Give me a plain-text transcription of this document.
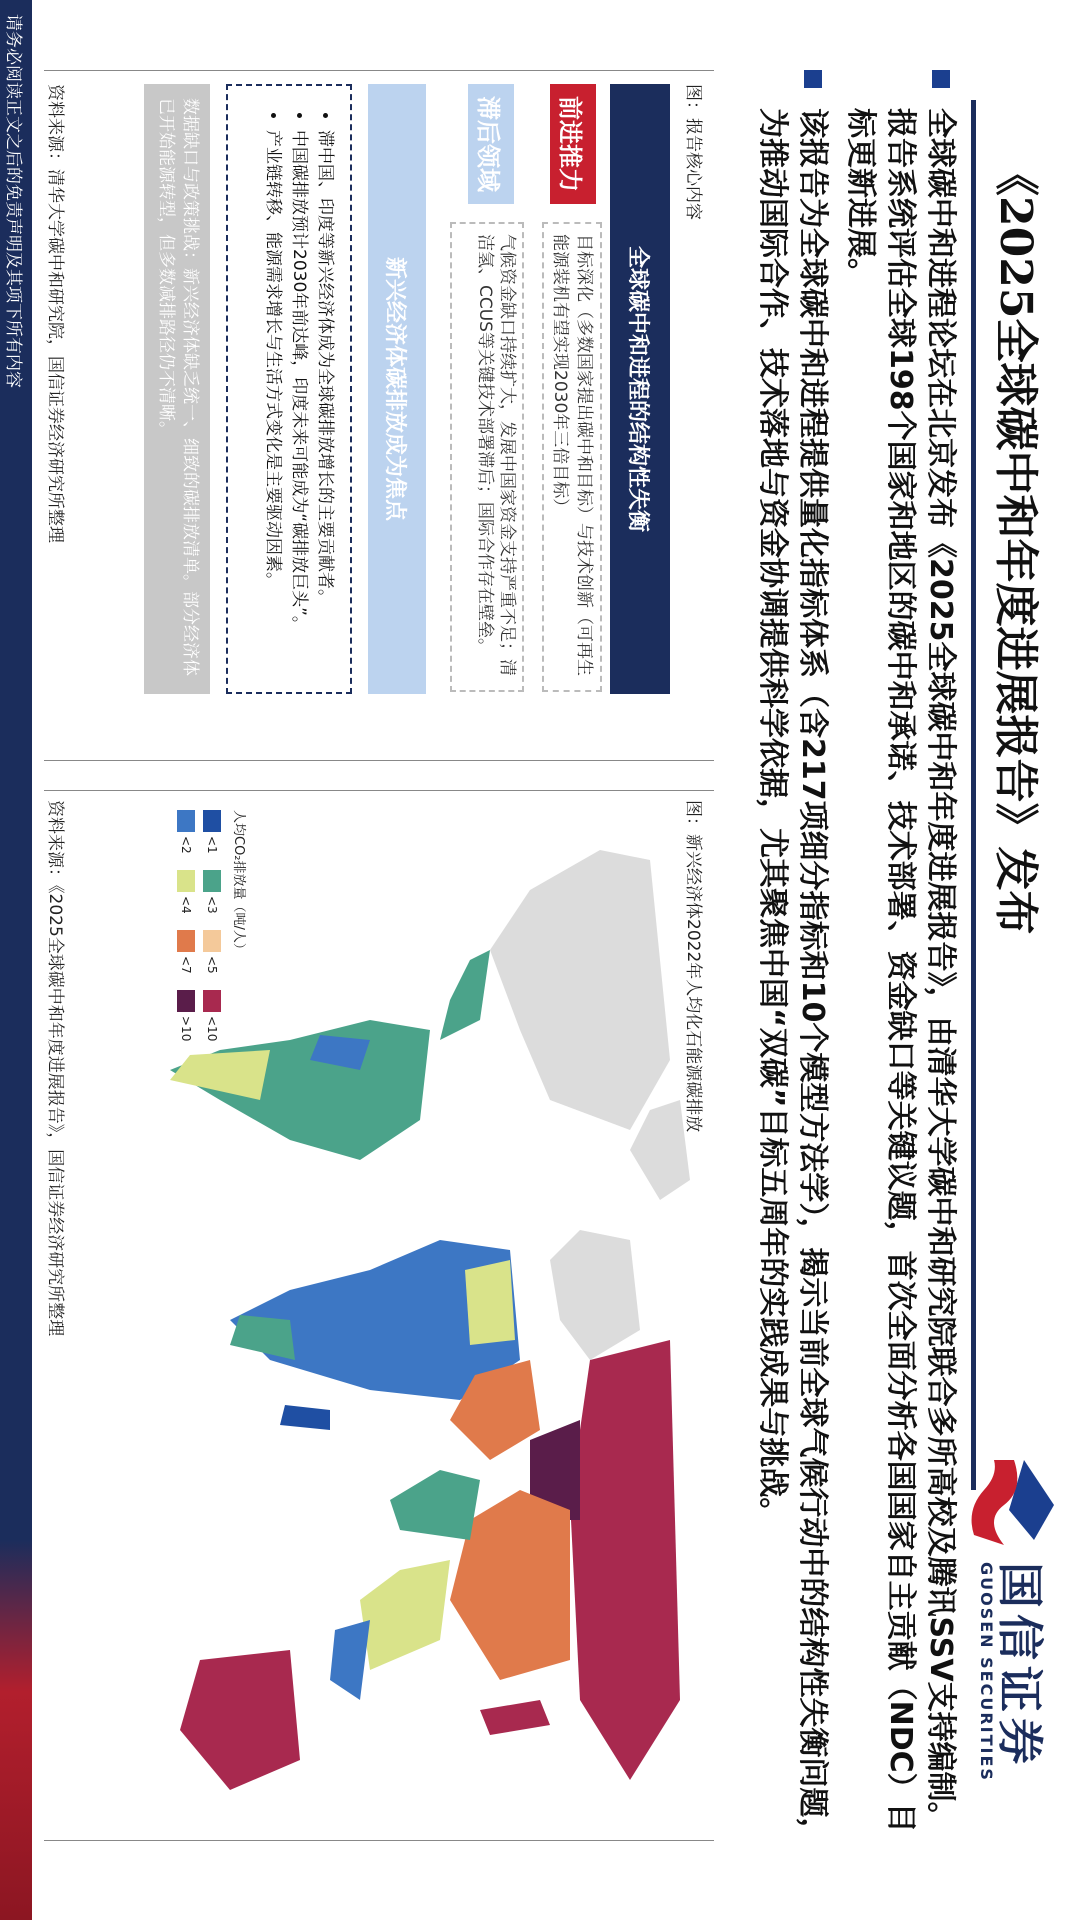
国信证券
GUOSEN SECURITIES
《2025全球碳中和年度进展报告》发布
全球碳中和进程论坛在北京发布《2025全球碳中和年度进展报告》，由清华大学碳中和研究院联合多所高校及腾讯SSV支持编制。报告系统评估全球198个国家和地区的碳中和承诺、技术部署、资金缺口等关键议题，首次全面分析各国国家自主贡献（NDC）目标更新进展。
该报告为全球碳中和进程提供量化指标体系（含217项细分指标和10个模型方法学），揭示当前全球气候行动中的结构性失衡问题，为推动国际合作、技术落地与资金协调提供科学依据，尤其聚焦中国“双碳”目标五周年的实践成果与挑战。
图：报告核心内容
全球碳中和进程的结构性失衡
前进推力
目标深化（多数国家提出碳中和目标）与技术创新（可再生能源装机有望实现2030年三倍目标）
滞后领域
气候资金缺口持续扩大，发展中国家资金支持严重不足；清洁氢、CCUS等关键技术部署滞后；国际合作存在壁垒。
新兴经济体碳排放成为焦点
• 滞中国、印度等新兴经济体成为全球碳排放增长的主要贡献者。
• 中国碳排放预计2030年前达峰，印度未来可能成为“碳排放巨头”。
• 产业链转移、能源需求增长与生活方式变化是主要驱动因素。
数据缺口与政策挑战：新兴经济体缺乏统一、细致的碳排放清单。部分经济体已开始能源转型，但多数减排路径仍不清晰。
资料来源：清华大学碳中和研究院，国信证券经济研究所整理
图：新兴经济体2022年人均化石能源碳排放
人均CO₂排放量（吨/人）
<1
<2
<3
<4
<5
<7
<10
>10
资料来源：《2025全球碳中和年度进展报告》，国信证券经济研究所整理
请务必阅读正文之后的免责声明及其项下所有内容
